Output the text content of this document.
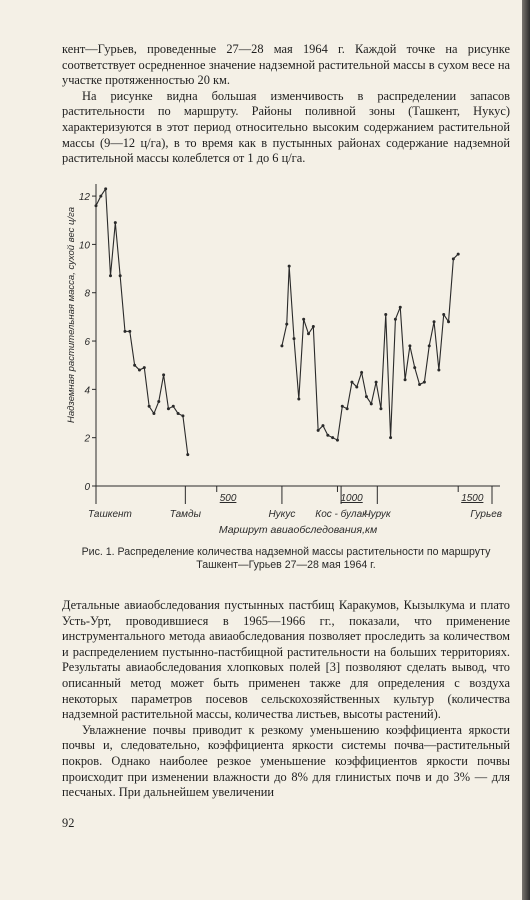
кент—Гурьев, проведенные 27—28 мая 1964 г. Каждой точке на рисунке соответствует осредненное значение надземной растительной массы в сухом весе на участке протяженностью 20 км.

На рисунке видна большая изменчивость в распределении запасов растительности по маршруту. Районы поливной зоны (Ташкент, Нукус) характеризуются в этот период относительно высоким содержанием растительной массы (9—12 ц/га), в то время как в пустынных районах содержание надземной растительной массы колеблется от 1 до 6 ц/га.

0
2
4
6
8
10
12
500	1000	1500
Ташкент	Тамды	Нукус Кос - булак
Чурук	Гурьев
Маршрут авиаобследования,км
Надземная растительная масса, сухой вес ц/га
Рис. 1. Распределение количества надземной массы растительности по маршруту Ташкент—Гурьев 27—28 мая 1964 г.

Детальные авиаобследования пустынных пастбищ Каракумов, Кызылкума и плато Усть-Урт, проводившиеся в 1965—1966 гг., показали, что применение инструментального метода авиаобследования позволяет проследить за количеством и распределением пустынно-пастбищной растительности на больших территориях. Результаты авиаобследования хлопковых полей [3] позволяют сделать вывод, что описанный метод может быть применен также для определения с воздуха некоторых параметров посевов сельскохозяйственных культур (количества надземной растительной массы, количества листьев, высоты растений).

Увлажнение почвы приводит к резкому уменьшению коэффициента яркости почвы и, следовательно, коэффициента яркости системы почва—растительный покров. Однако наиболее резкое уменьшение коэффициентов яркости почвы происходит при изменении влажности до 8% для глинистых почв и до 3% — для песчаных. При дальнейшем увеличении

92
